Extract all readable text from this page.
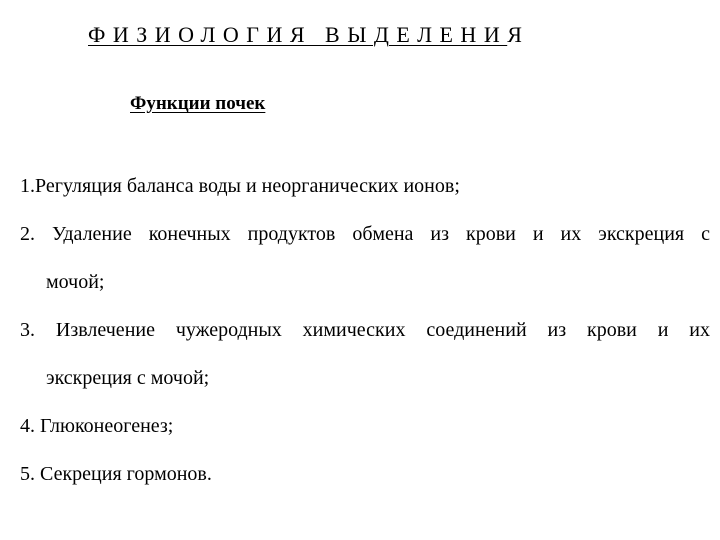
ФИЗИОЛОГИЯ ВЫДЕЛЕНИЯ
Функции почек
1.Регуляция баланса воды и неорганических ионов;
2. Удаление конечных продуктов обмена из крови и их экскреция с
мочой;
3. Извлечение чужеродных химических соединений из крови и их
экскреция с мочой;
4. Глюконеогенез;
5. Секреция гормонов.
